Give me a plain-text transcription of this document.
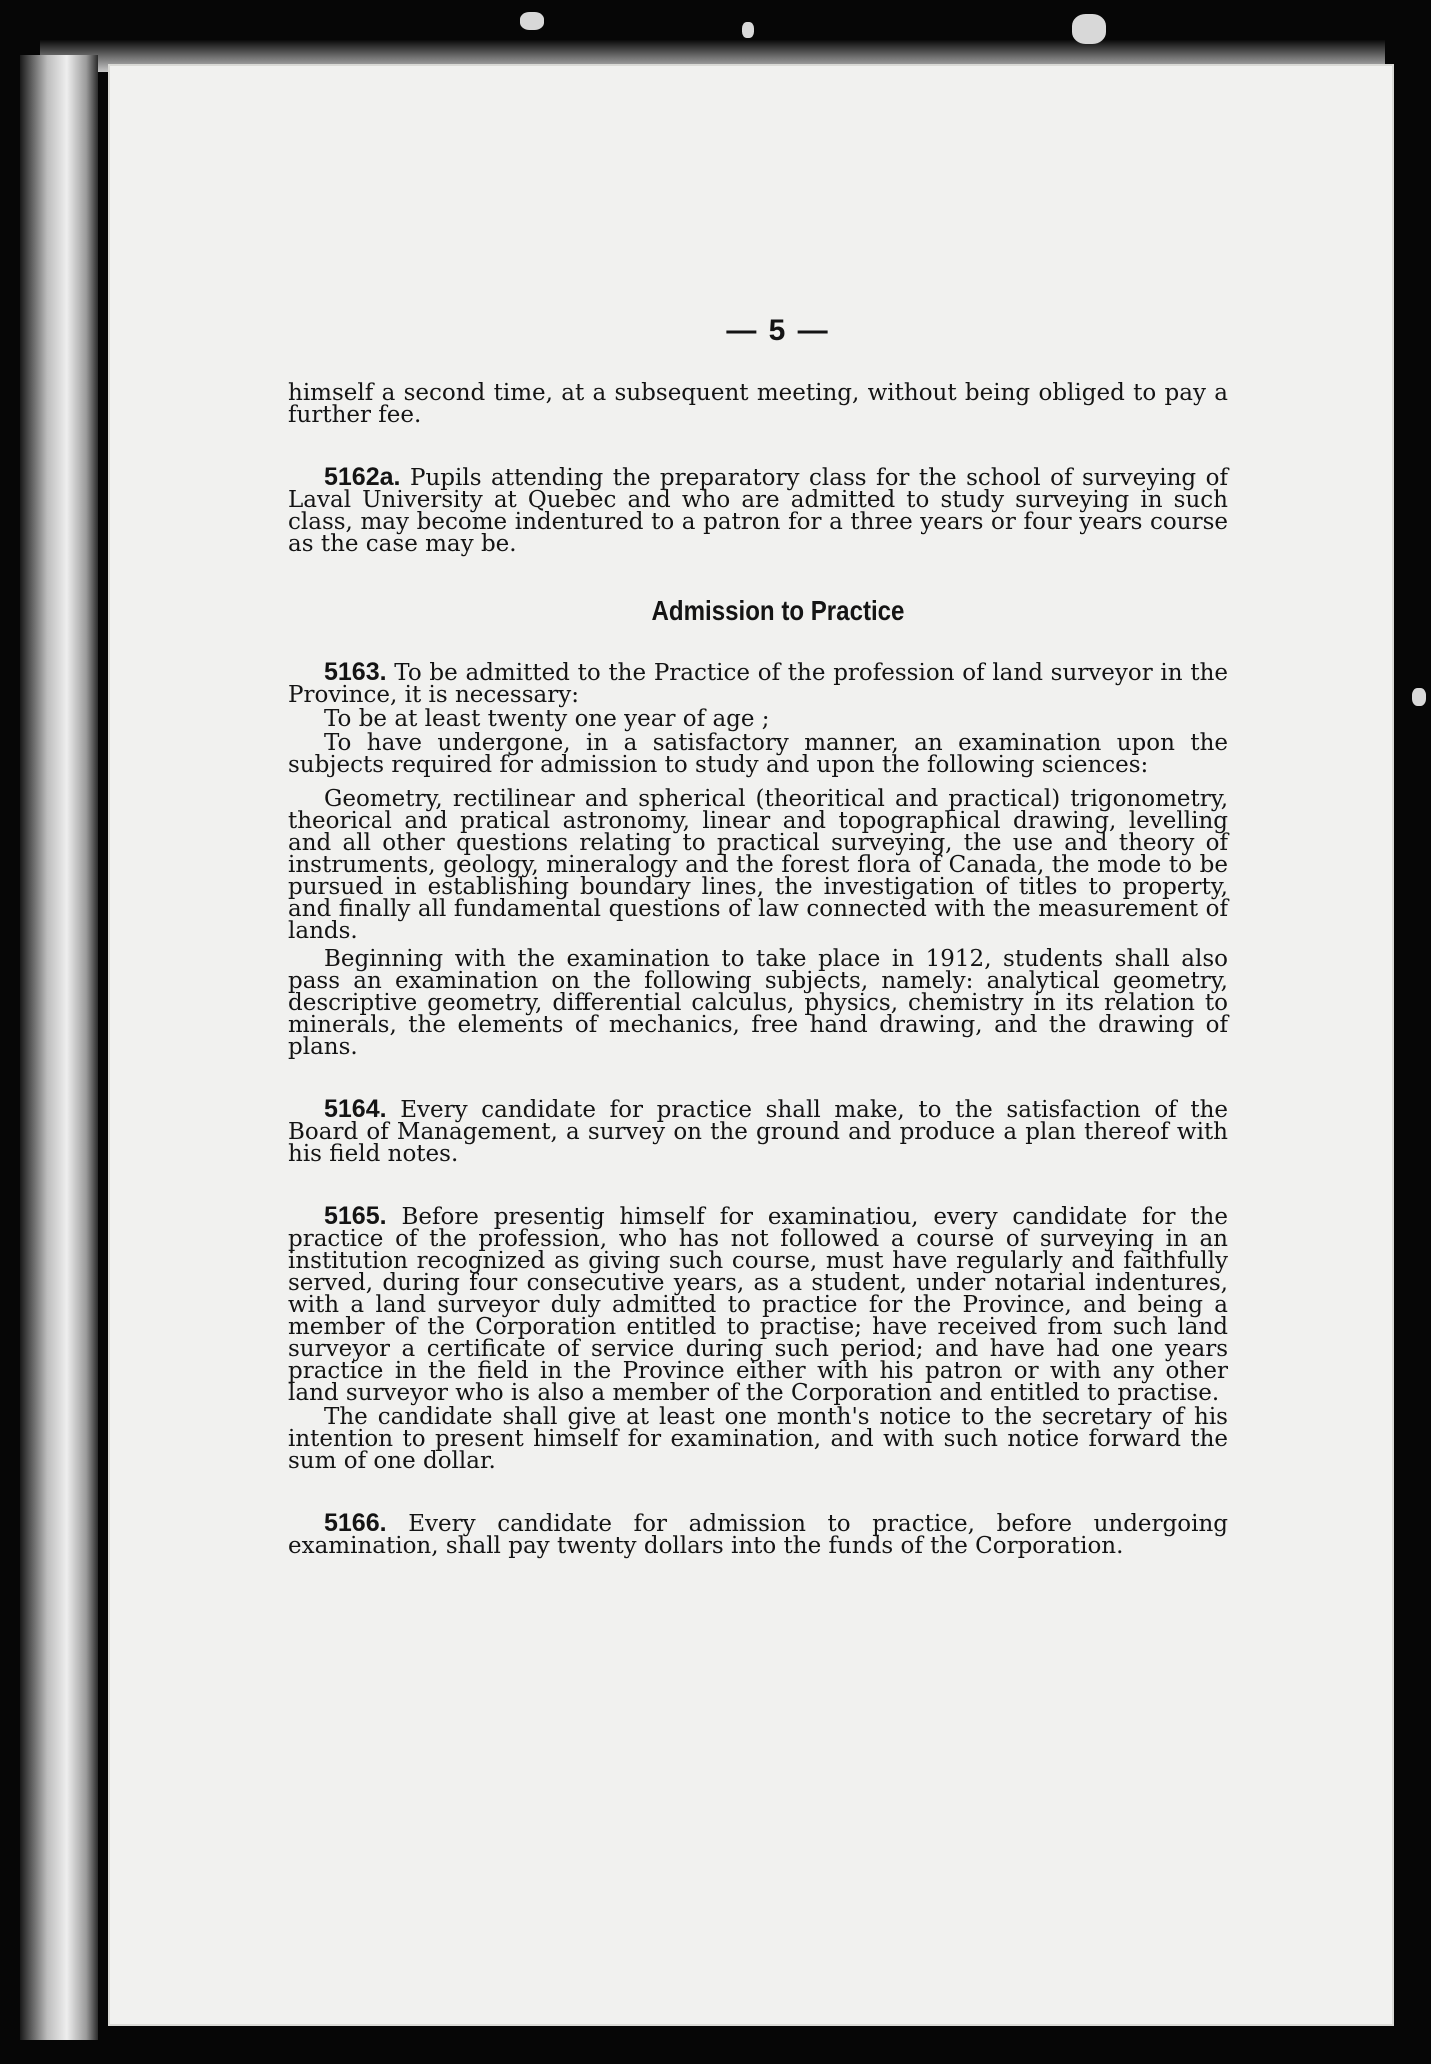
— 5 —

himself a second time, at a subsequent meeting, without being obliged to pay a further fee.

5162a. Pupils attending the preparatory class for the school of surveying of Laval University at Quebec and who are admitted to study surveying in such class, may become indentured to a patron for a three years or four years course as the case may be.

Admission to Practice

5163. To be admitted to the Practice of the profession of land surveyor in the Province, it is necessary:

To be at least twenty one year of age ;

To have undergone, in a satisfactory manner, an examination upon the subjects required for admission to study and upon the following sciences:

Geometry, rectilinear and spherical (theoritical and practical) trigonometry, theorical and pratical astronomy, linear and topographical drawing, levelling and all other questions relating to practical surveying, the use and theory of instruments, geology, mineralogy and the forest flora of Canada, the mode to be pursued in establishing boundary lines, the investigation of titles to property, and finally all fundamental questions of law connected with the measurement of lands.

Beginning with the examination to take place in 1912, students shall also pass an examination on the following subjects, namely: analytical geometry, descriptive geometry, differential calculus, physics, chemistry in its relation to minerals, the elements of mechanics, free hand drawing, and the drawing of plans.

5164. Every candidate for practice shall make, to the satisfaction of the Board of Management, a survey on the ground and produce a plan thereof with his field notes.

5165. Before presentig himself for examinatiou, every candidate for the practice of the profession, who has not followed a course of surveying in an institution recognized as giving such course, must have regularly and faithfully served, during four consecutive years, as a student, under notarial indentures, with a land surveyor duly admitted to practice for the Province, and being a member of the Corporation entitled to practise; have received from such land surveyor a certificate of service during such period; and have had one years practice in the field in the Province either with his patron or with any other land surveyor who is also a member of the Corporation and entitled to practise.

The candidate shall give at least one month's notice to the secretary of his intention to present himself for examination, and with such notice forward the sum of one dollar.

5166. Every candidate for admission to practice, before undergoing examination, shall pay twenty dollars into the funds of the Corporation.
